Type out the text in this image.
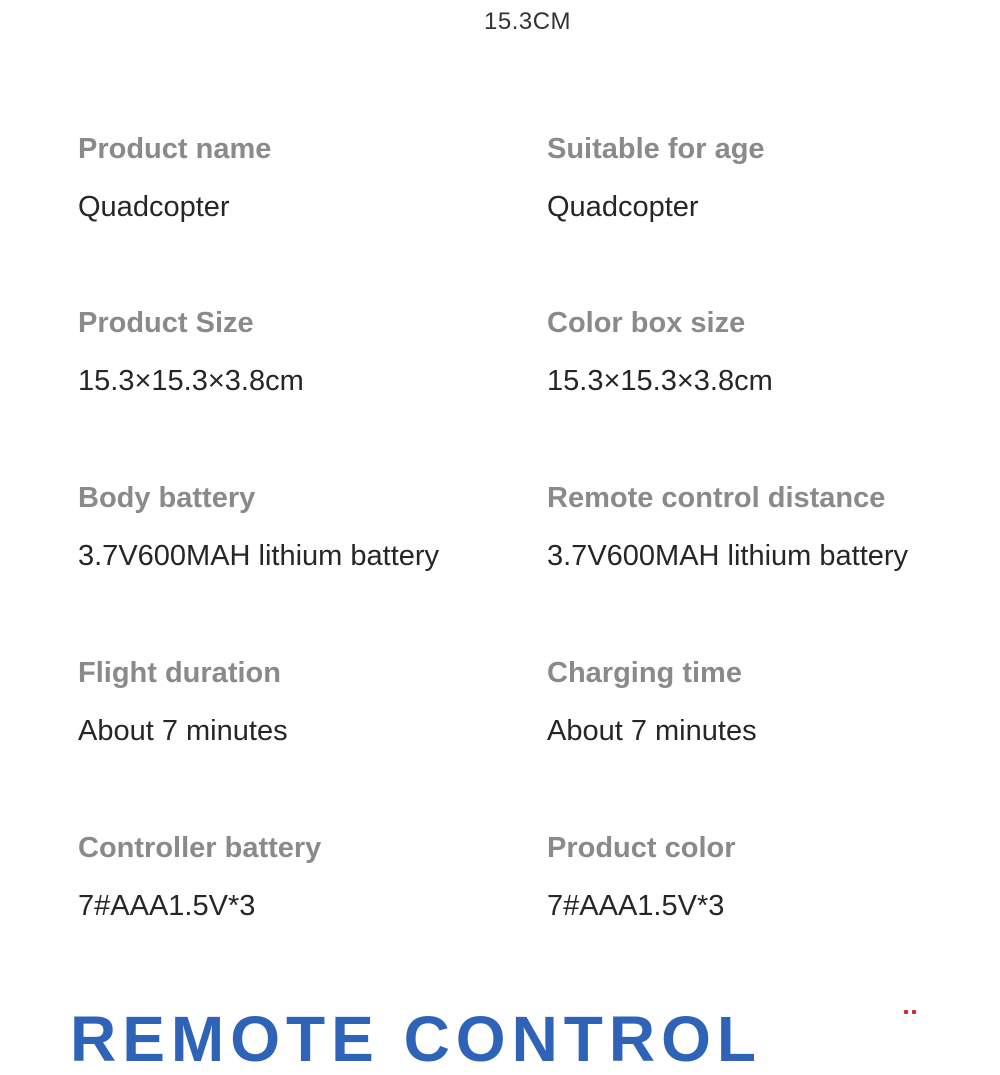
15.3CM
Product name
Quadcopter
Suitable for age
Quadcopter
Product Size
15.3×15.3×3.8cm
Color box size
15.3×15.3×3.8cm
Body battery
3.7V600MAH lithium battery
Remote control distance
3.7V600MAH lithium battery
Flight duration
About 7 minutes
Charging time
About 7 minutes
Controller battery
7#AAA1.5V*3
Product color
7#AAA1.5V*3
REMOTE CONTROL
